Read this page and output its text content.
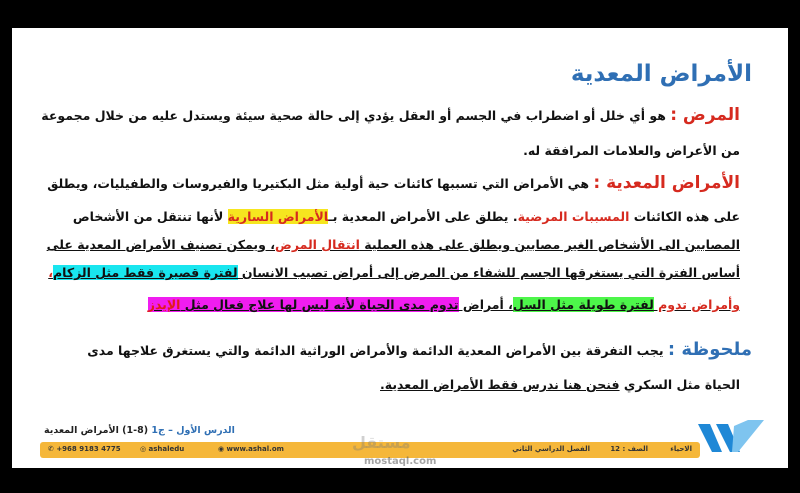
الأمراض المعدية
المرض : هو أي خلل أو اضطراب في الجسم أو العقل يؤدي إلى حالة صحية سيئة ويستدل عليه من خلال مجموعة
من الأعراض والعلامات المرافقة له.
الأمراض المعدية : هي الأمراض التي تسببها كائنات حية أولية مثل البكتيريا والفيروسات والطفيليات، ويطلق
على هذه الكائنات المسببات المرضية. يطلق على الأمراض المعدية بـالأمراض السارية لأنها تنتقل من الأشخاص
المصابين الى الأشخاص الغير مصابين ويطلق على هذه العملية انتقال المرض، ويمكن تصنيف الأمراض المعدية على
أساس الفترة التي يستغرقها الجسم للشفاء من المرض إلى أمراض تصيب الانسان لفترة قصيرة فقط مثل الزكام،
وأمراض تدوم لفترة طويلة مثل السل، أمراض تدوم مدى الحياة لأنه ليس لها علاج فعال مثل الإيدز
ملحوظة : يجب التفرقة بين الأمراض المعدية الدائمة والأمراض الوراثية الدائمة والتي يستغرق علاجها مدى
الحياة مثل السكري فنحن هنا ندرس فقط الأمراض المعدية.
الدرس الأول – ج1 (8-1) الأمراض المعدية
الاحياء
الصف : 12
الفصل الدراسي الثاني
◉ www.ashal.om
◎ ashaledu
✆ +968 9183 4775	مستقل
mostaql.com
